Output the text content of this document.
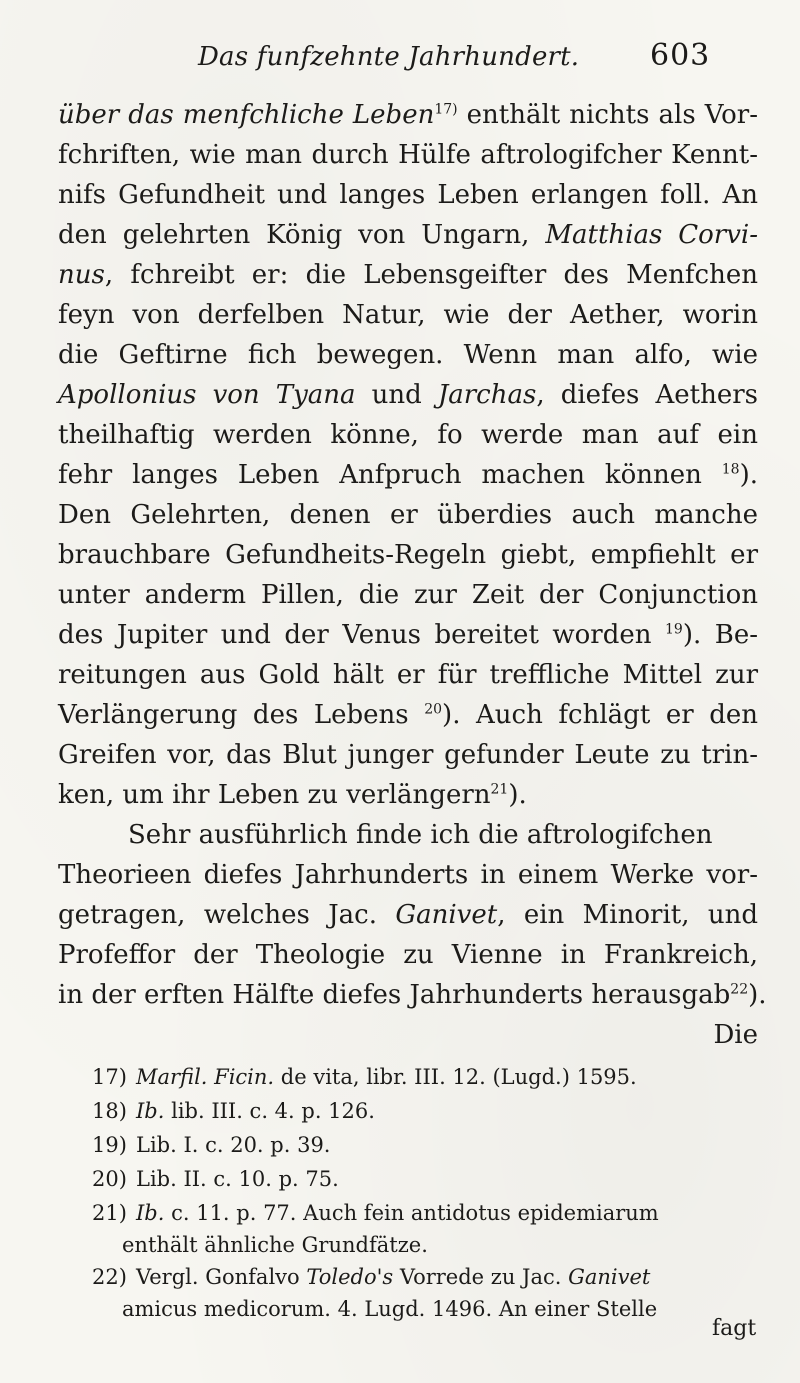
Das funfzehnte Jahrhundert. 603
über das menfchliche Leben$^{17)}$ enthält nichts als Vor-
fchriften, wie man durch Hülfe aftrologifcher Kennt-
nifs Gefundheit und langes Leben erlangen foll. An
den gelehrten König von Ungarn, Matthias Corvi-
nus, fchreibt er: die Lebensgeifter des Menfchen
feyn von derfelben Natur, wie der Aether, worin
die Geftirne fich bewegen. Wenn man alfo, wie
Apollonius von Tyana und Jarchas, diefes Aethers
theilhaftig werden könne, fo werde man auf ein
fehr langes Leben Anfpruch machen können $^{18}$).
Den Gelehrten, denen er überdies auch manche
brauchbare Gefundheits-Regeln giebt, empfiehlt er
unter anderm Pillen, die zur Zeit der Conjunction
des Jupiter und der Venus bereitet worden $^{19}$). Be-
reitungen aus Gold hält er für treffliche Mittel zur
Verlängerung des Lebens $^{20}$). Auch fchlägt er den
Greifen vor, das Blut junger gefunder Leute zu trin-
ken, um ihr Leben zu verlängern$^{21}$).
Sehr ausführlich finde ich die aftrologifchen
Theorieen diefes Jahrhunderts in einem Werke vor-
getragen, welches Jac. Ganivet, ein Minorit, und
Profeffor der Theologie zu Vienne in Frankreich,
in der erften Hälfte diefes Jahrhunderts herausgab$^{22}$).
Die
17) Marfil. Ficin. de vita, libr. III. 12. (Lugd.) 1595.
18) Ib. lib. III. c. 4. p. 126.
19) Lib. I. c. 20. p. 39.
20) Lib. II. c. 10. p. 75.
21) Ib. c. 11. p. 77. Auch fein antidotus epidemiarum
enthält ähnliche Grundfätze.
22) Vergl. Gonfalvo Toledo's Vorrede zu Jac. Ganivet
amicus medicorum. 4. Lugd. 1496. An einer Stelle
fagt
